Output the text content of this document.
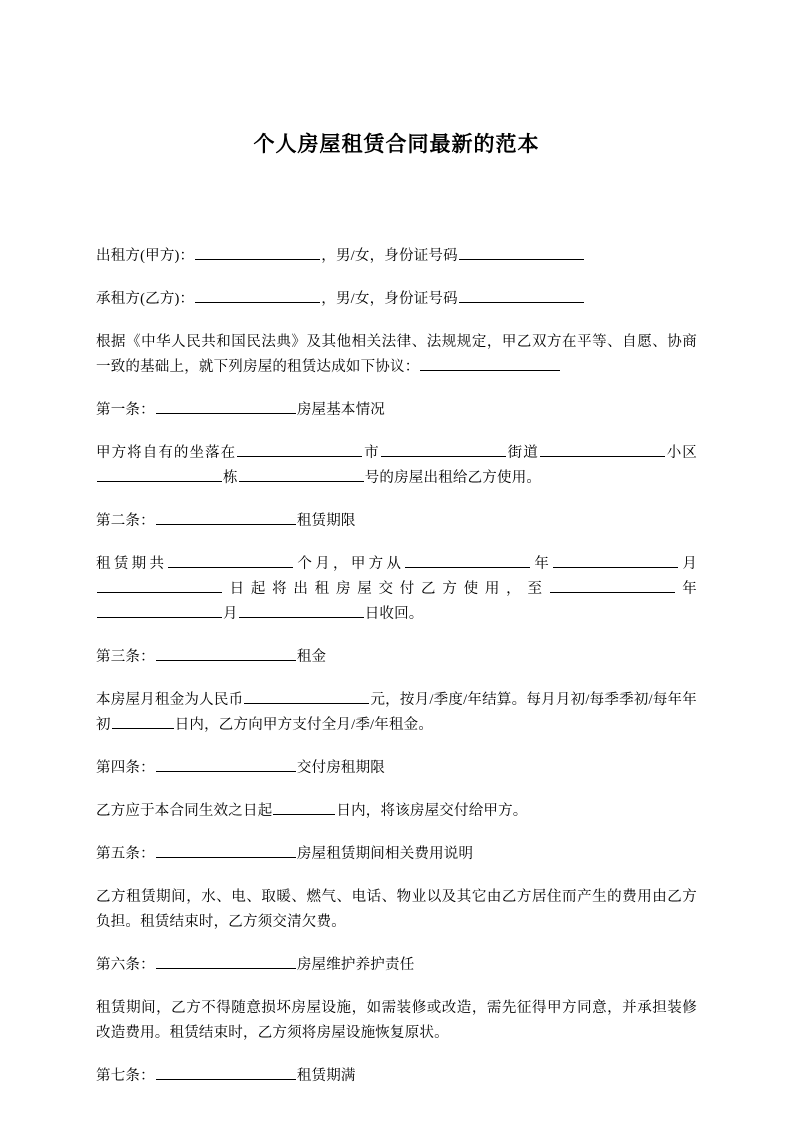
个人房屋租赁合同最新的范本

出租方(甲方)：	，男/女，身份证号码

承租方(乙方)：	，男/女，身份证号码

根据《中华人民共和国民法典》及其他相关法律、法规规定，甲乙双方在平等、自愿、协商一致的基础上，就下列房屋的租赁达成如下协议：

第一条：	房屋基本情况

甲方将自有的坐落在	市	街道	小区栋	号的房屋出租给乙方使用。

第二条：	租赁期限

租赁期共	个月，甲方从	年	月日起将出租房屋交付乙方使用，至	年月	日收回。

第三条：	租金

本房屋月租金为人民币	元，按月/季度/年结算。每月月初/每季季初/每年年初	日内，乙方向甲方支付全月/季/年租金。

第四条：	交付房租期限

乙方应于本合同生效之日起	日内，将该房屋交付给甲方。

第五条：	房屋租赁期间相关费用说明

乙方租赁期间，水、电、取暖、燃气、电话、物业以及其它由乙方居住而产生的费用由乙方负担。租赁结束时，乙方须交清欠费。

第六条：	房屋维护养护责任

租赁期间，乙方不得随意损坏房屋设施，如需装修或改造，需先征得甲方同意，并承担装修改造费用。租赁结束时，乙方须将房屋设施恢复原状。

第七条：	租赁期满
